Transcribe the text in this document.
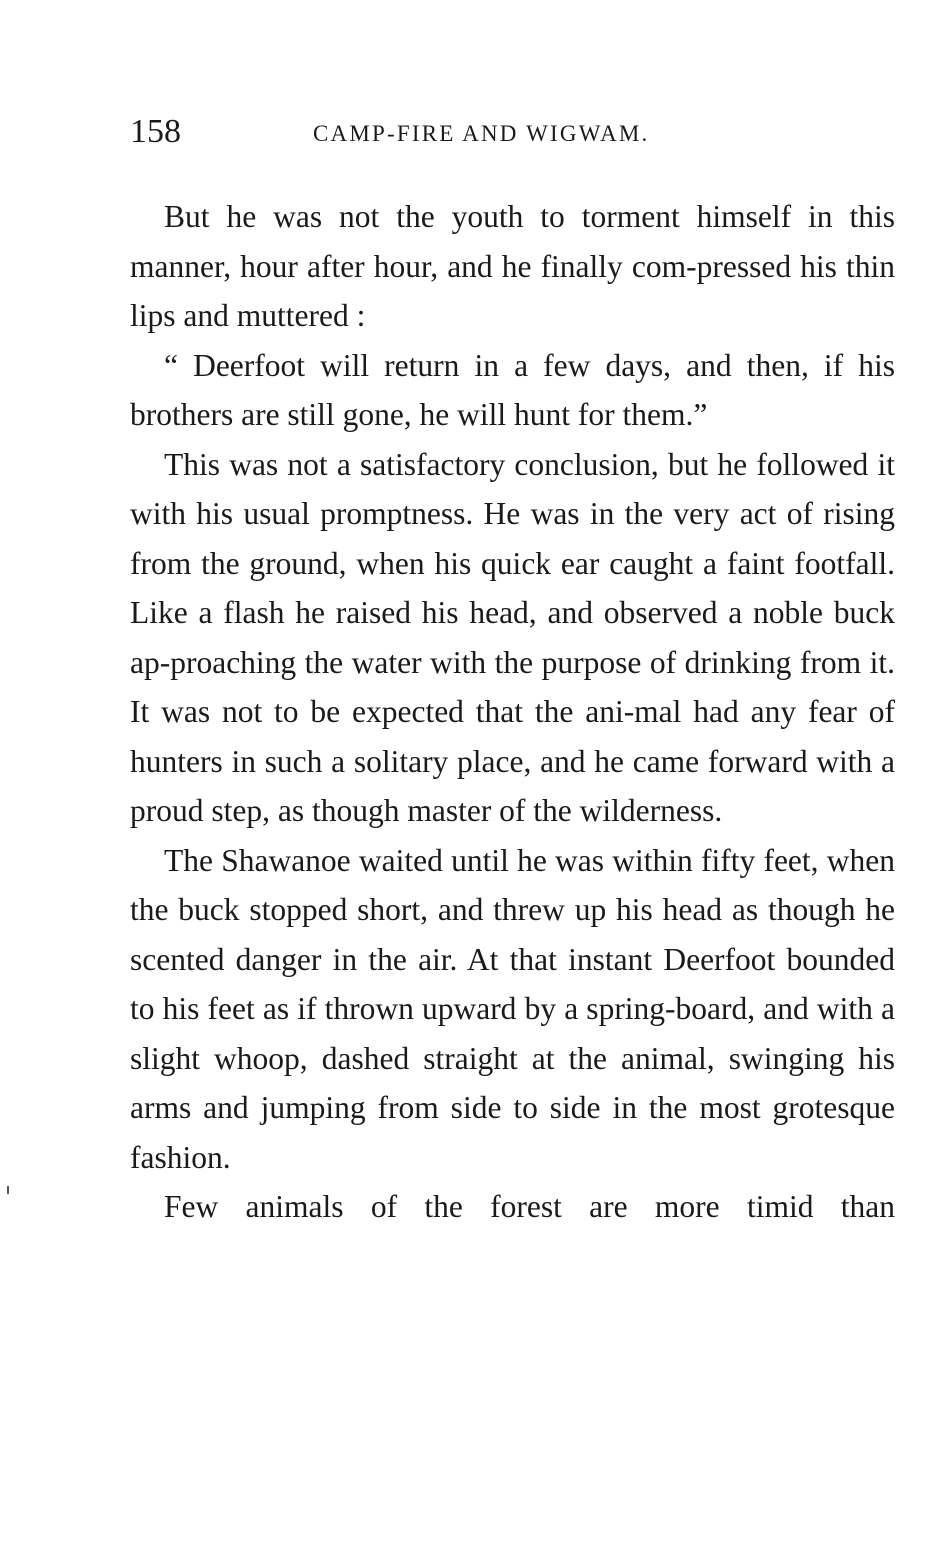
158	CAMP-FIRE AND WIGWAM.

But he was not the youth to torment himself in this manner, hour after hour, and he finally com-pressed his thin lips and muttered :

“ Deerfoot will return in a few days, and then, if his brothers are still gone, he will hunt for them.”

This was not a satisfactory conclusion, but he followed it with his usual promptness. He was in the very act of rising from the ground, when his quick ear caught a faint footfall. Like a flash he raised his head, and observed a noble buck ap-proaching the water with the purpose of drinking from it. It was not to be expected that the ani-mal had any fear of hunters in such a solitary place, and he came forward with a proud step, as though master of the wilderness.

The Shawanoe waited until he was within fifty feet, when the buck stopped short, and threw up his head as though he scented danger in the air. At that instant Deerfoot bounded to his feet as if thrown upward by a spring-board, and with a slight whoop, dashed straight at the animal, swinging his arms and jumping from side to side in the most grotesque fashion.

Few animals of the forest are more timid than
